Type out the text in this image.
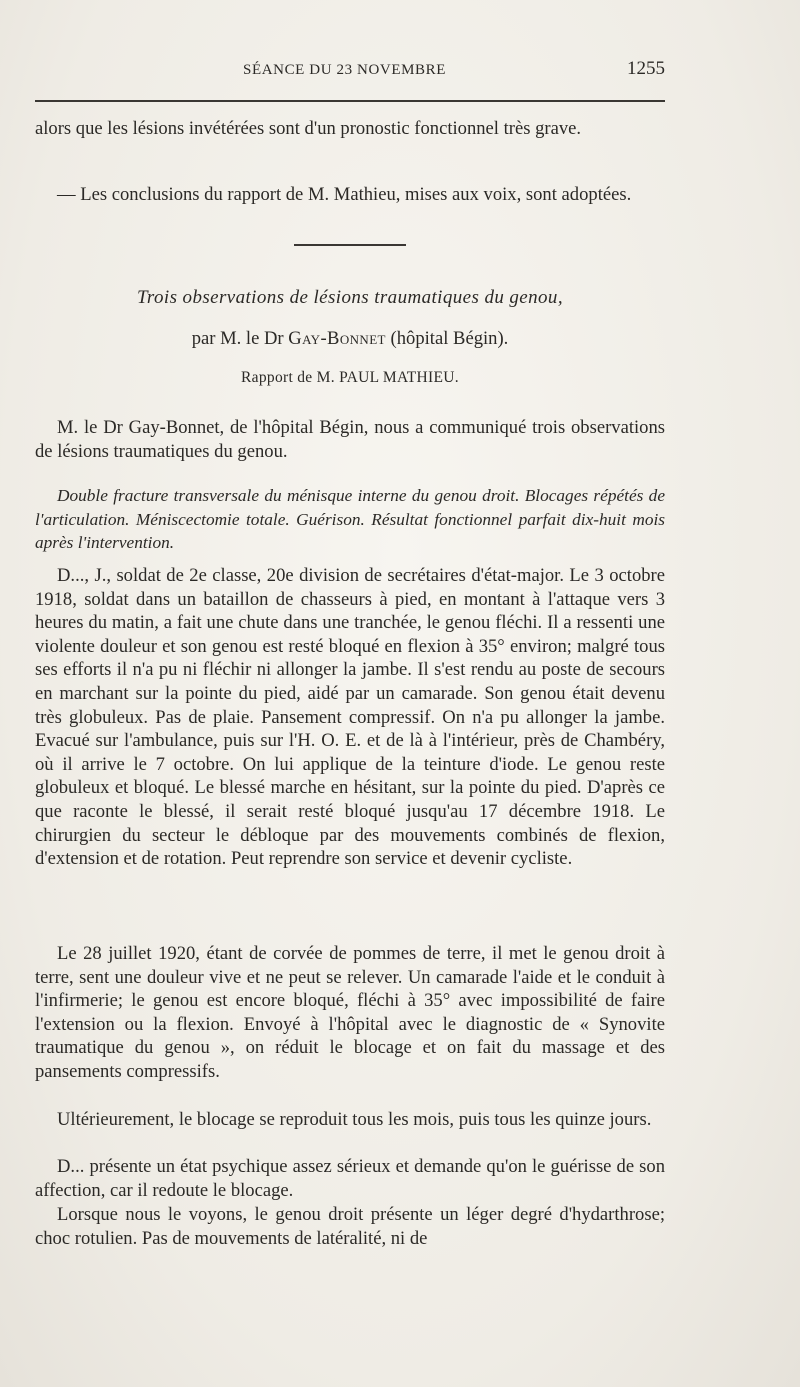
SÉANCE DU 23 NOVEMBRE	1255

alors que les lésions invétérées sont d'un pronostic fonctionnel très grave.

— Les conclusions du rapport de M. Mathieu, mises aux voix, sont adoptées.

Trois observations de lésions traumatiques du genou,
par M. le Dr Gay-Bonnet (hôpital Bégin).
Rapport de M. PAUL MATHIEU.

M. le Dr Gay-Bonnet, de l'hôpital Bégin, nous a communiqué trois observations de lésions traumatiques du genou.

Double fracture transversale du ménisque interne du genou droit. Blocages répétés de l'articulation. Méniscectomie totale. Guérison. Résultat fonctionnel parfait dix-huit mois après l'intervention.

D..., J., soldat de 2e classe, 20e division de secrétaires d'état-major. Le 3 octobre 1918, soldat dans un bataillon de chasseurs à pied, en montant à l'attaque vers 3 heures du matin, a fait une chute dans une tranchée, le genou fléchi. Il a ressenti une violente douleur et son genou est resté bloqué en flexion à 35° environ; malgré tous ses efforts il n'a pu ni fléchir ni allonger la jambe. Il s'est rendu au poste de secours en marchant sur la pointe du pied, aidé par un camarade. Son genou était devenu très globuleux. Pas de plaie. Pansement compressif. On n'a pu allonger la jambe. Evacué sur l'ambulance, puis sur l'H. O. E. et de là à l'intérieur, près de Chambéry, où il arrive le 7 octobre. On lui applique de la teinture d'iode. Le genou reste globuleux et bloqué. Le blessé marche en hésitant, sur la pointe du pied. D'après ce que raconte le blessé, il serait resté bloqué jusqu'au 17 décembre 1918. Le chirurgien du secteur le débloque par des mouvements combinés de flexion, d'extension et de rotation. Peut reprendre son service et devenir cycliste.

Le 28 juillet 1920, étant de corvée de pommes de terre, il met le genou droit à terre, sent une douleur vive et ne peut se relever. Un camarade l'aide et le conduit à l'infirmerie; le genou est encore bloqué, fléchi à 35° avec impossibilité de faire l'extension ou la flexion. Envoyé à l'hôpital avec le diagnostic de « Synovite traumatique du genou », on réduit le blocage et on fait du massage et des pansements compressifs.

Ultérieurement, le blocage se reproduit tous les mois, puis tous les quinze jours.

D... présente un état psychique assez sérieux et demande qu'on le guérisse de son affection, car il redoute le blocage.

Lorsque nous le voyons, le genou droit présente un léger degré d'hydarthrose; choc rotulien. Pas de mouvements de latéralité, ni de
